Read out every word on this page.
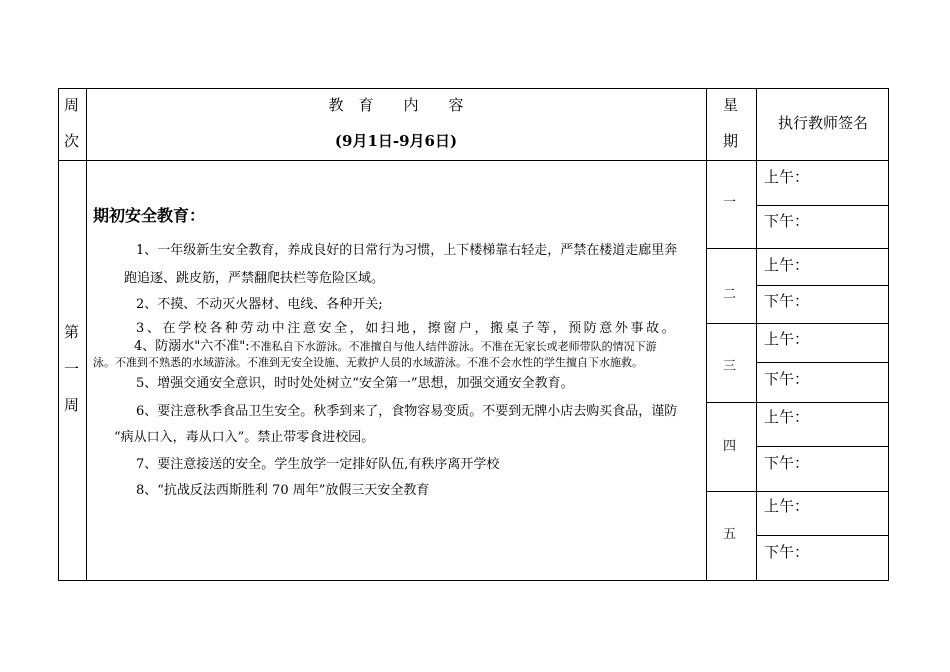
周
次
教　育　　内　　容
(9月1日-9月6日)
星
期
执行教师签名
第
一
周
期初安全教育：
1、一年级新生安全教育，养成良好的日常行为习惯，上下楼梯靠右轻走，严禁在楼道走廊里奔
跑追逐、跳皮筋，严禁翻爬扶栏等危险区域。
2、不摸、不动灭火器材、电线、各种开关;
3、在学校各种劳动中注意安全，如扫地，擦窗户，搬桌子等，预防意外事故。
4、防溺水"六不准":不准私自下水游泳。不准擅自与他人结伴游泳。不准在无家长或老师带队的情况下游
泳。不准到不熟悉的水域游泳。不准到无安全设施、无救护人员的水域游泳。不准不会水性的学生擅自下水施救。
5、增强交通安全意识，时时处处树立“安全第一”思想，加强交通安全教育。
6、要注意秋季食品卫生安全。秋季到来了，食物容易变质。不要到无牌小店去购买食品，谨防
“病从口入，毒从口入”。禁止带零食进校园。
7、要注意接送的安全。学生放学一定排好队伍,有秩序离开学校
8、“抗战反法西斯胜利 70 周年”放假三天安全教育
一
二
三
四
五
上午：
下午：
上午：
下午：
上午：
下午：
上午：
下午：
上午：
下午：
